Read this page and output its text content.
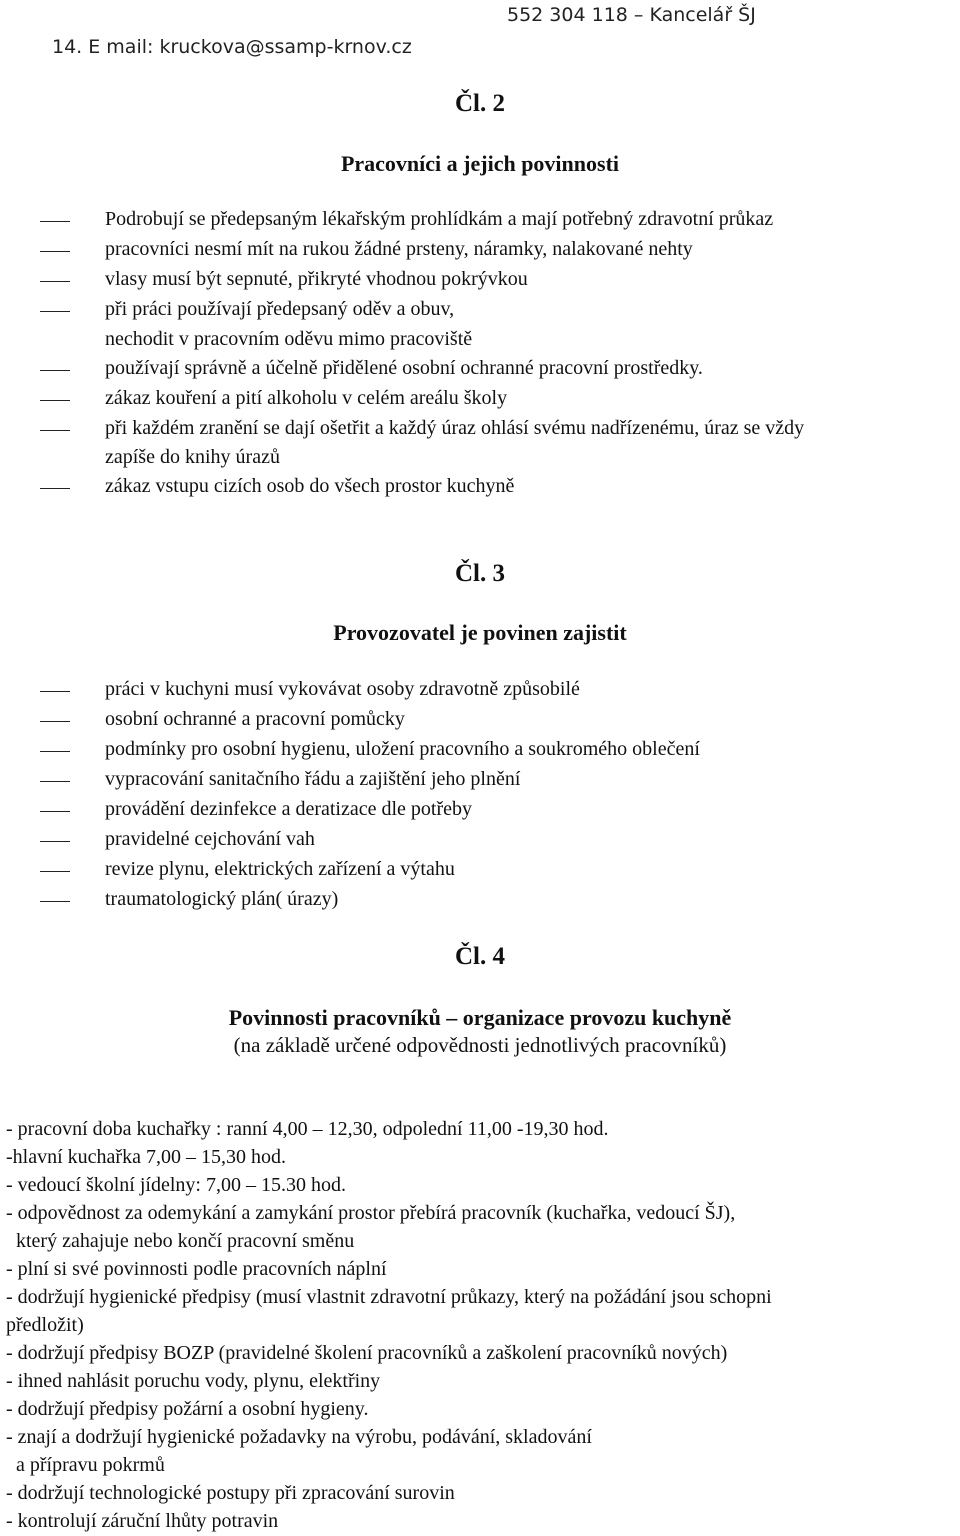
14. E mail: kruckova@ssamp-krnov.cz
552 304 118 – Kancelář ŠJ
Čl. 2
Pracovníci a jejich povinnosti
Podrobují se předepsaným lékařským prohlídkám a mají potřebný zdravotní průkaz
pracovníci nesmí mít na rukou žádné prsteny, náramky, nalakované nehty
vlasy musí být sepnuté, přikryté vhodnou pokrývkou
při práci používají předepsaný oděv a obuv,
nechodit v pracovním oděvu mimo pracoviště
používají správně a účelně přidělené osobní ochranné pracovní prostředky.
zákaz kouření a pití alkoholu v celém areálu školy
při každém zranění se dají ošetřit a každý úraz ohlásí svému nadřízenému, úraz se vždy
zapíše do knihy úrazů
zákaz vstupu cizích osob do všech prostor kuchyně
Čl. 3
Provozovatel je povinen zajistit
práci v kuchyni musí vykovávat osoby zdravotně způsobilé
osobní ochranné a pracovní pomůcky
podmínky pro osobní hygienu, uložení pracovního a soukromého oblečení
vypracování sanitačního řádu a zajištění jeho plnění
provádění dezinfekce a deratizace dle potřeby
pravidelné cejchování vah
revize plynu, elektrických zařízení a výtahu
traumatologický plán( úrazy)
Čl. 4
Povinnosti pracovníků – organizace provozu kuchyně
(na základě určené odpovědnosti jednotlivých pracovníků)
- pracovní doba kuchařky : ranní 4,00 – 12,30, odpolední 11,00 -19,30 hod.
-hlavní kuchařka 7,00 – 15,30 hod.
- vedoucí školní jídelny: 7,00 – 15.30 hod.
- odpovědnost za odemykání a zamykání prostor přebírá pracovník (kuchařka, vedoucí ŠJ),
který zahajuje nebo končí pracovní směnu
- plní si své povinnosti podle pracovních náplní
- dodržují hygienické předpisy (musí vlastnit zdravotní průkazy, který na požádání jsou schopni
předložit)
- dodržují předpisy BOZP (pravidelné školení pracovníků a zaškolení pracovníků nových)
- ihned nahlásit poruchu vody, plynu, elektřiny
- dodržují předpisy požární a osobní hygieny.
- znají a dodržují hygienické požadavky na výrobu, podávání, skladování
a přípravu pokrmů
- dodržují technologické postupy při zpracování surovin
- kontrolují záruční lhůty potravin
